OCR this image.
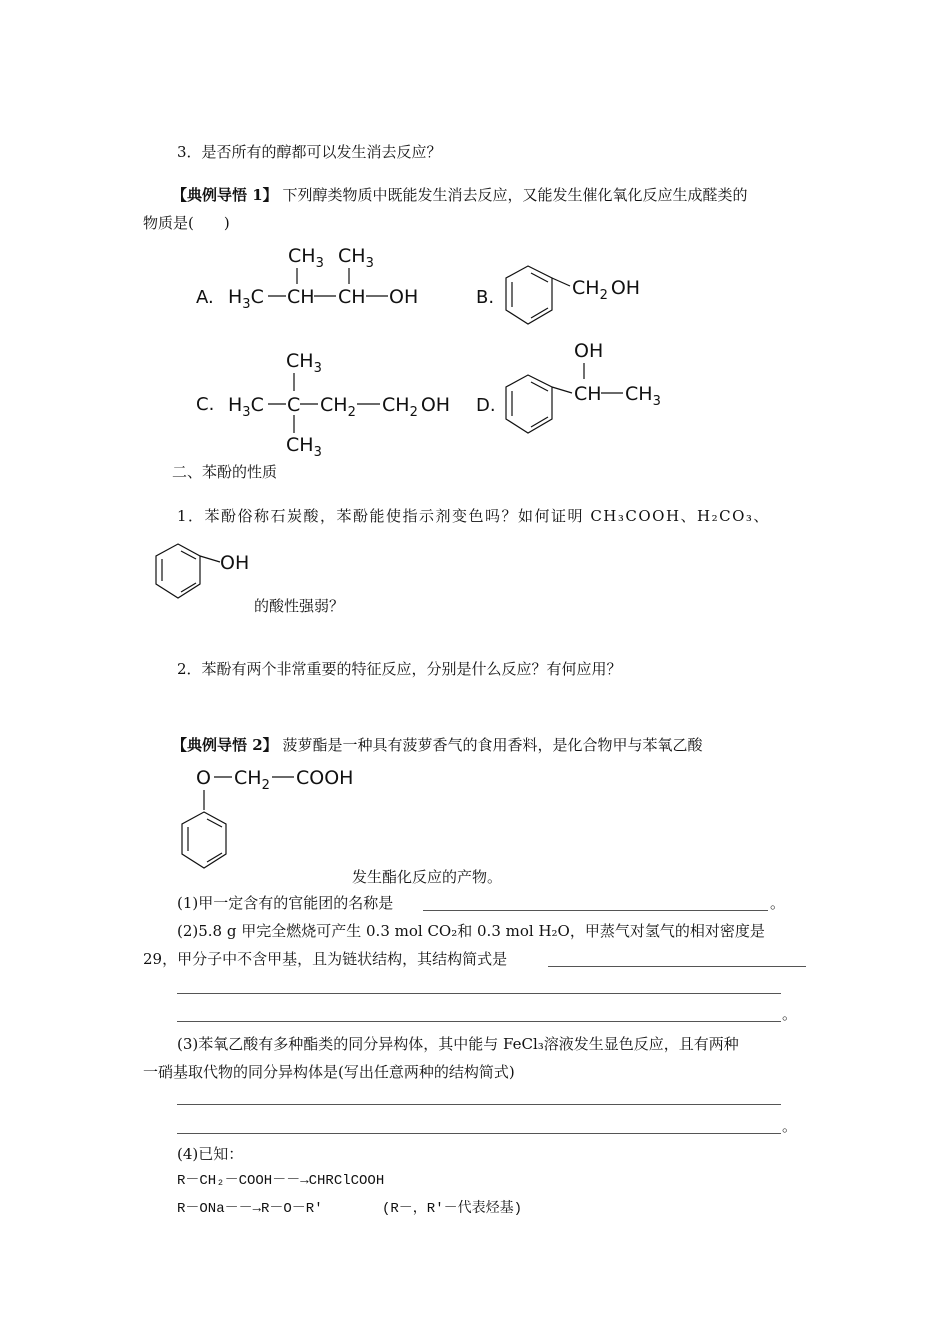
3．是否所有的醇都可以发生消去反应？
【典例导悟 1】 下列醇类物质中既能发生消去反应，又能发生催化氧化反应生成醛类的
物质是(　　)
A. $H_3C$ CH CH OH
$CH_3$ $CH_3$
B.	$CH_2$ OH
C. $H_3C$ C $CH_2$ $CH_2$ OH
$CH_3$
$CH_3$
D.
OH
CH $CH_3$
二、苯酚的性质
1．苯酚俗称石炭酸，苯酚能使指示剂变色吗？如何证明 CH₃COOH、H₂CO₃、
OH
的酸性强弱？
2．苯酚有两个非常重要的特征反应，分别是什么反应？有何应用？
【典例导悟 2】 菠萝酯是一种具有菠萝香气的食用香料，是化合物甲与苯氧乙酸
O $CH_2$ COOH
发生酯化反应的产物。
(1)甲一定含有的官能团的名称是	。
(2)5.8 g 甲完全燃烧可产生 0.3 mol CO₂和 0.3 mol H₂O，甲蒸气对氢气的相对密度是
29，甲分子中不含甲基，且为链状结构，其结构简式是
。
(3)苯氧乙酸有多种酯类的同分异构体，其中能与 FeCl₃溶液发生显色反应，且有两种
一硝基取代物的同分异构体是(写出任意两种的结构简式)
。
(4)已知：
R－CH₂－COOH－－→CHRClCOOH
R－ONa－－→R－O－R′	(R－，R′－代表烃基)
